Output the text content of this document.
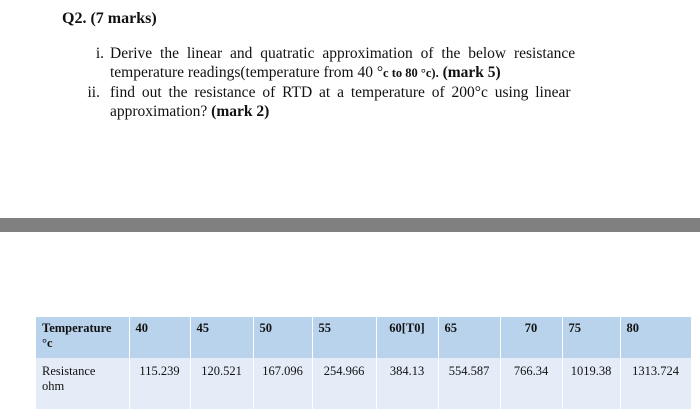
Q2. (7 marks)
i. Derive the linear and quatratic approximation of the below resistance
temperature readings(temperature from 40 °c to 80 °c). (mark 5)
ii. find out the resistance of RTD at a temperature of 200°c using linear
approximation? (mark 2)
Temperature
°c	40	45	50	55	60[T0]	65	70	75	80
Resistance
ohm	115.239	120.521	167.096	254.966	384.13	554.587	766.34	1019.38	1313.724
